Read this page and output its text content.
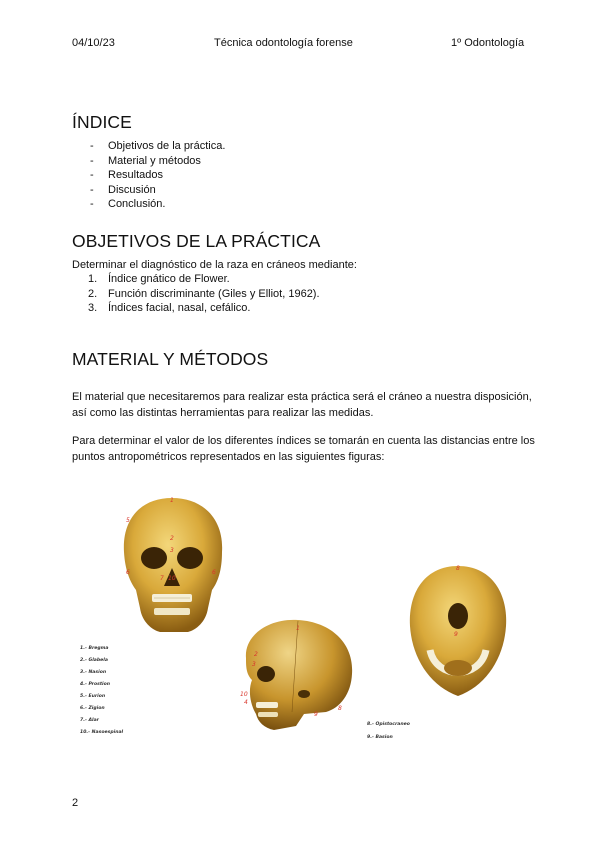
04/10/23	Técnica odontología forense	1º Odontología
ÍNDICE
- Objetivos de la práctica.
- Material y métodos
- Resultados
- Discusión
- Conclusión.
OBJETIVOS DE LA PRÁCTICA

Determinar el diagnóstico de la raza en cráneos mediante:

1. Índice gnático de Flower.
2. Función discriminante (Giles y Elliot, 1962).
3. Índices facial, nasal, cefálico.
MATERIAL Y MÉTODOS

El material que necesitaremos para realizar esta práctica será el cráneo a nuestra disposición, así como las distintas herramientas para realizar las medidas.

Para determinar el valor de los diferentes índices se tomarán en cuenta las distancias entre los puntos antropométricos representados en las siguientes figuras:

1
5
2
3
6	6
7 10
1
2
3
10
4
9
8
8
9
1.- Bregma
2.- Glabela
3.- Nasion
4.- Prostion
5.- Eurion
6.- Zigion
7.- Alar
10.- Nasoespinal
8.- Opistocraneo
9.- Basion
2
